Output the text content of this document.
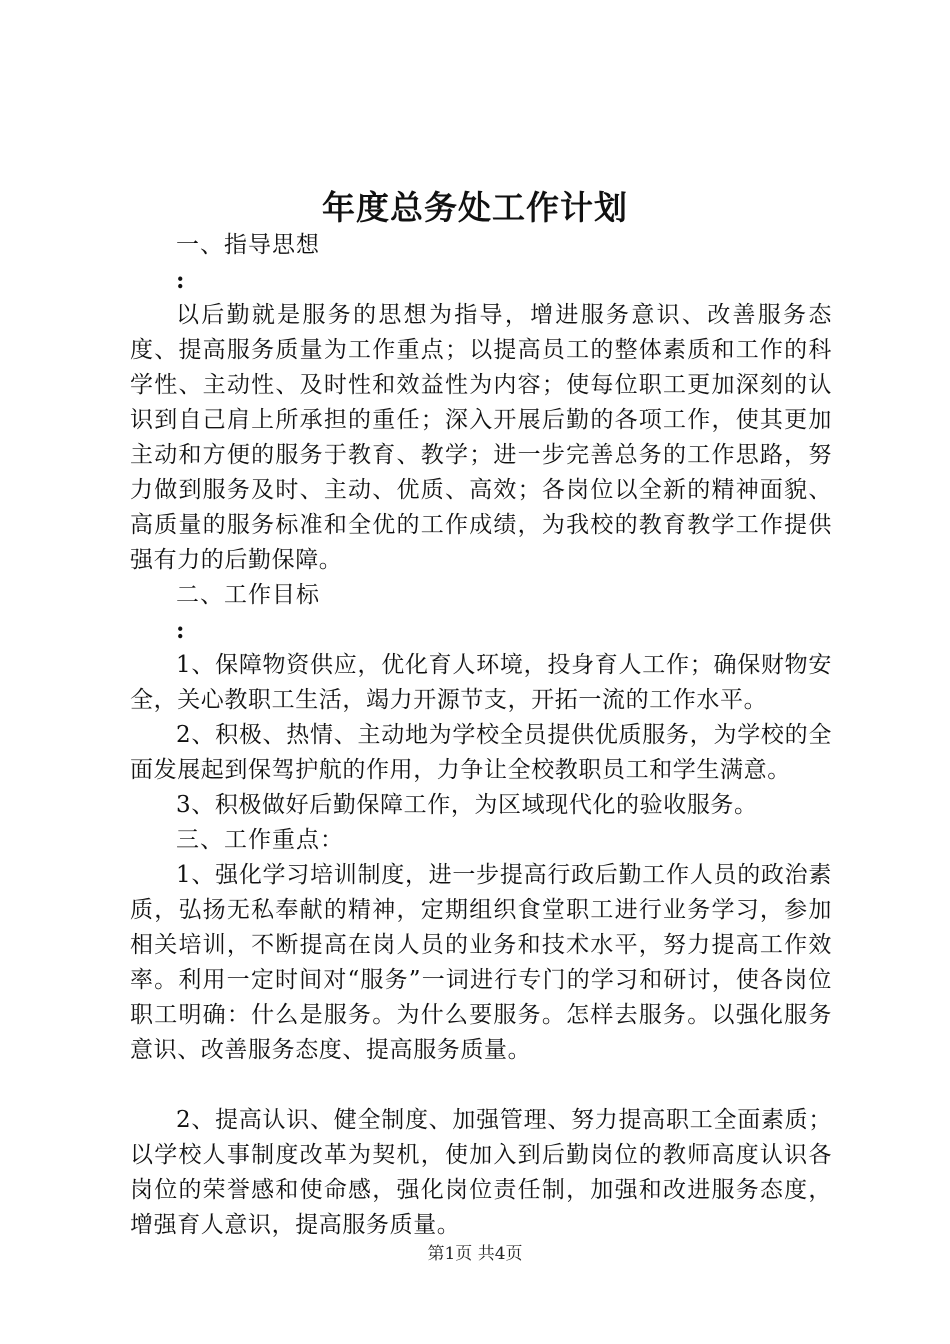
年度总务处工作计划

一、指导思想

:

以后勤就是服务的思想为指导，增进服务意识、改善服务态度、提高服务质量为工作重点；以提高员工的整体素质和工作的科学性、主动性、及时性和效益性为内容；使每位职工更加深刻的认识到自己肩上所承担的重任；深入开展后勤的各项工作，使其更加主动和方便的服务于教育、教学；进一步完善总务的工作思路，努力做到服务及时、主动、优质、高效；各岗位以全新的精神面貌、高质量的服务标准和全优的工作成绩，为我校的教育教学工作提供强有力的后勤保障。

二、工作目标

:

1、保障物资供应，优化育人环境，投身育人工作；确保财物安全，关心教职工生活，竭力开源节支，开拓一流的工作水平。

2、积极、热情、主动地为学校全员提供优质服务，为学校的全面发展起到保驾护航的作用，力争让全校教职员工和学生满意。

3、积极做好后勤保障工作，为区域现代化的验收服务。

三、工作重点：

1、强化学习培训制度，进一步提高行政后勤工作人员的政治素质，弘扬无私奉献的精神，定期组织食堂职工进行业务学习，参加相关培训，不断提高在岗人员的业务和技术水平，努力提高工作效率。利用一定时间对“服务”一词进行专门的学习和研讨，使各岗位职工明确：什么是服务。为什么要服务。怎样去服务。以强化服务意识、改善服务态度、提高服务质量。

2、提高认识、健全制度、加强管理、努力提高职工全面素质；以学校人事制度改革为契机，使加入到后勤岗位的教师高度认识各岗位的荣誉感和使命感，强化岗位责任制，加强和改进服务态度，增强育人意识，提高服务质量。

第1页 共4页
